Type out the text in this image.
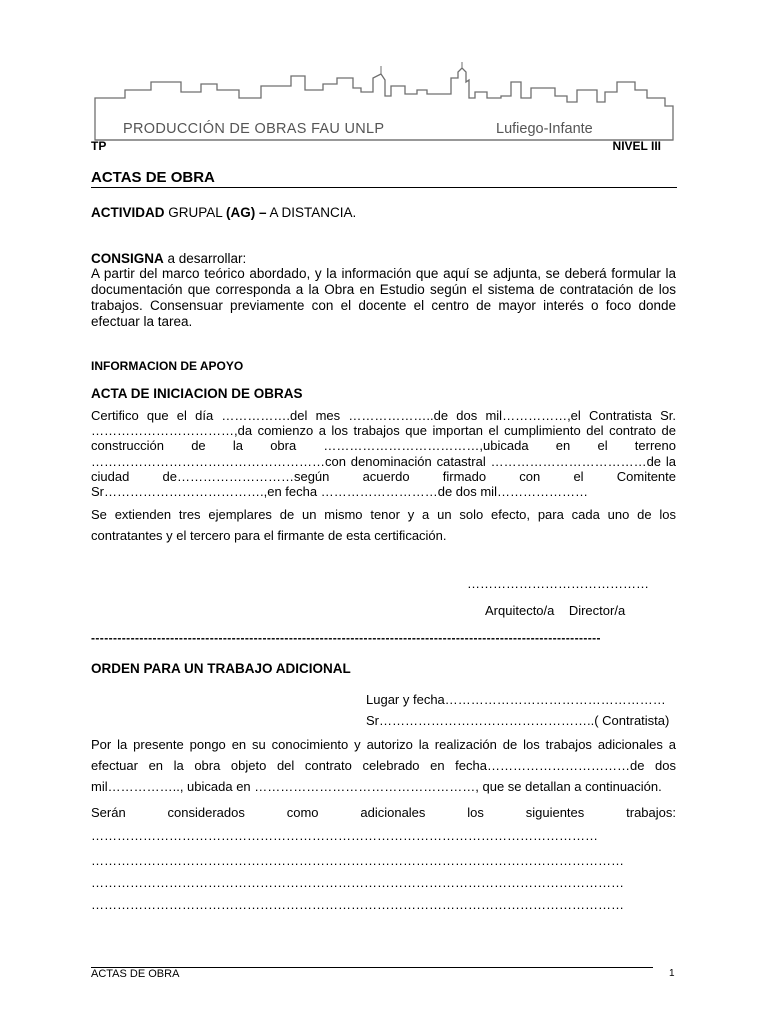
PRODUCCIÓN DE OBRAS FAU UNLP	Lufiego-Infante
TP	NIVEL III
ACTAS DE OBRA
ACTIVIDAD GRUPAL (AG) – A DISTANCIA.
CONSIGNA a desarrollar:
A partir del marco teórico abordado, y la información que aquí se adjunta, se deberá formular la documentación que corresponda a la Obra en Estudio según el sistema de contratación de los trabajos. Consensuar previamente con el docente el centro de mayor interés o foco donde efectuar la tarea.
INFORMACION DE APOYO
ACTA DE INICIACION DE OBRAS
Certifico que el día …………….del mes ………………..de dos mil……………,el Contratista Sr. ……………………………,da comienzo a los trabajos que importan el cumplimiento del contrato de construcción de la obra ………………………………,ubicada en el terreno ………………………………………………con denominación catastral ………………………………de la ciudad de………………………según acuerdo firmado con el Comitente Sr……………………………….,en fecha ………………………de dos mil…………………
Se extienden tres ejemplares de un mismo tenor y a un solo efecto, para cada uno de los contratantes y el tercero para el firmante de esta certificación.
……………………………………
Arquitecto/a    Director/a
--------------------------------------------------------------------------------------------------------------------
ORDEN PARA UN TRABAJO ADICIONAL
Lugar y fecha……………………………………………
Sr…………………………………………..( Contratista)
Por la presente pongo en su conocimiento y autorizo la realización de los trabajos adicionales a efectuar en la obra objeto del contrato celebrado en fecha……………………………de dos mil…………….., ubicada en ……………………………………………, que se detallan a continuación.
Serán considerados como adicionales los siguientes trabajos:
………………………………………………………………………………………………………
……………………………………………………………………………………………………………
……………………………………………………………………………………………………………
……………………………………………………………………………………………………………
ACTAS DE OBRA	1
